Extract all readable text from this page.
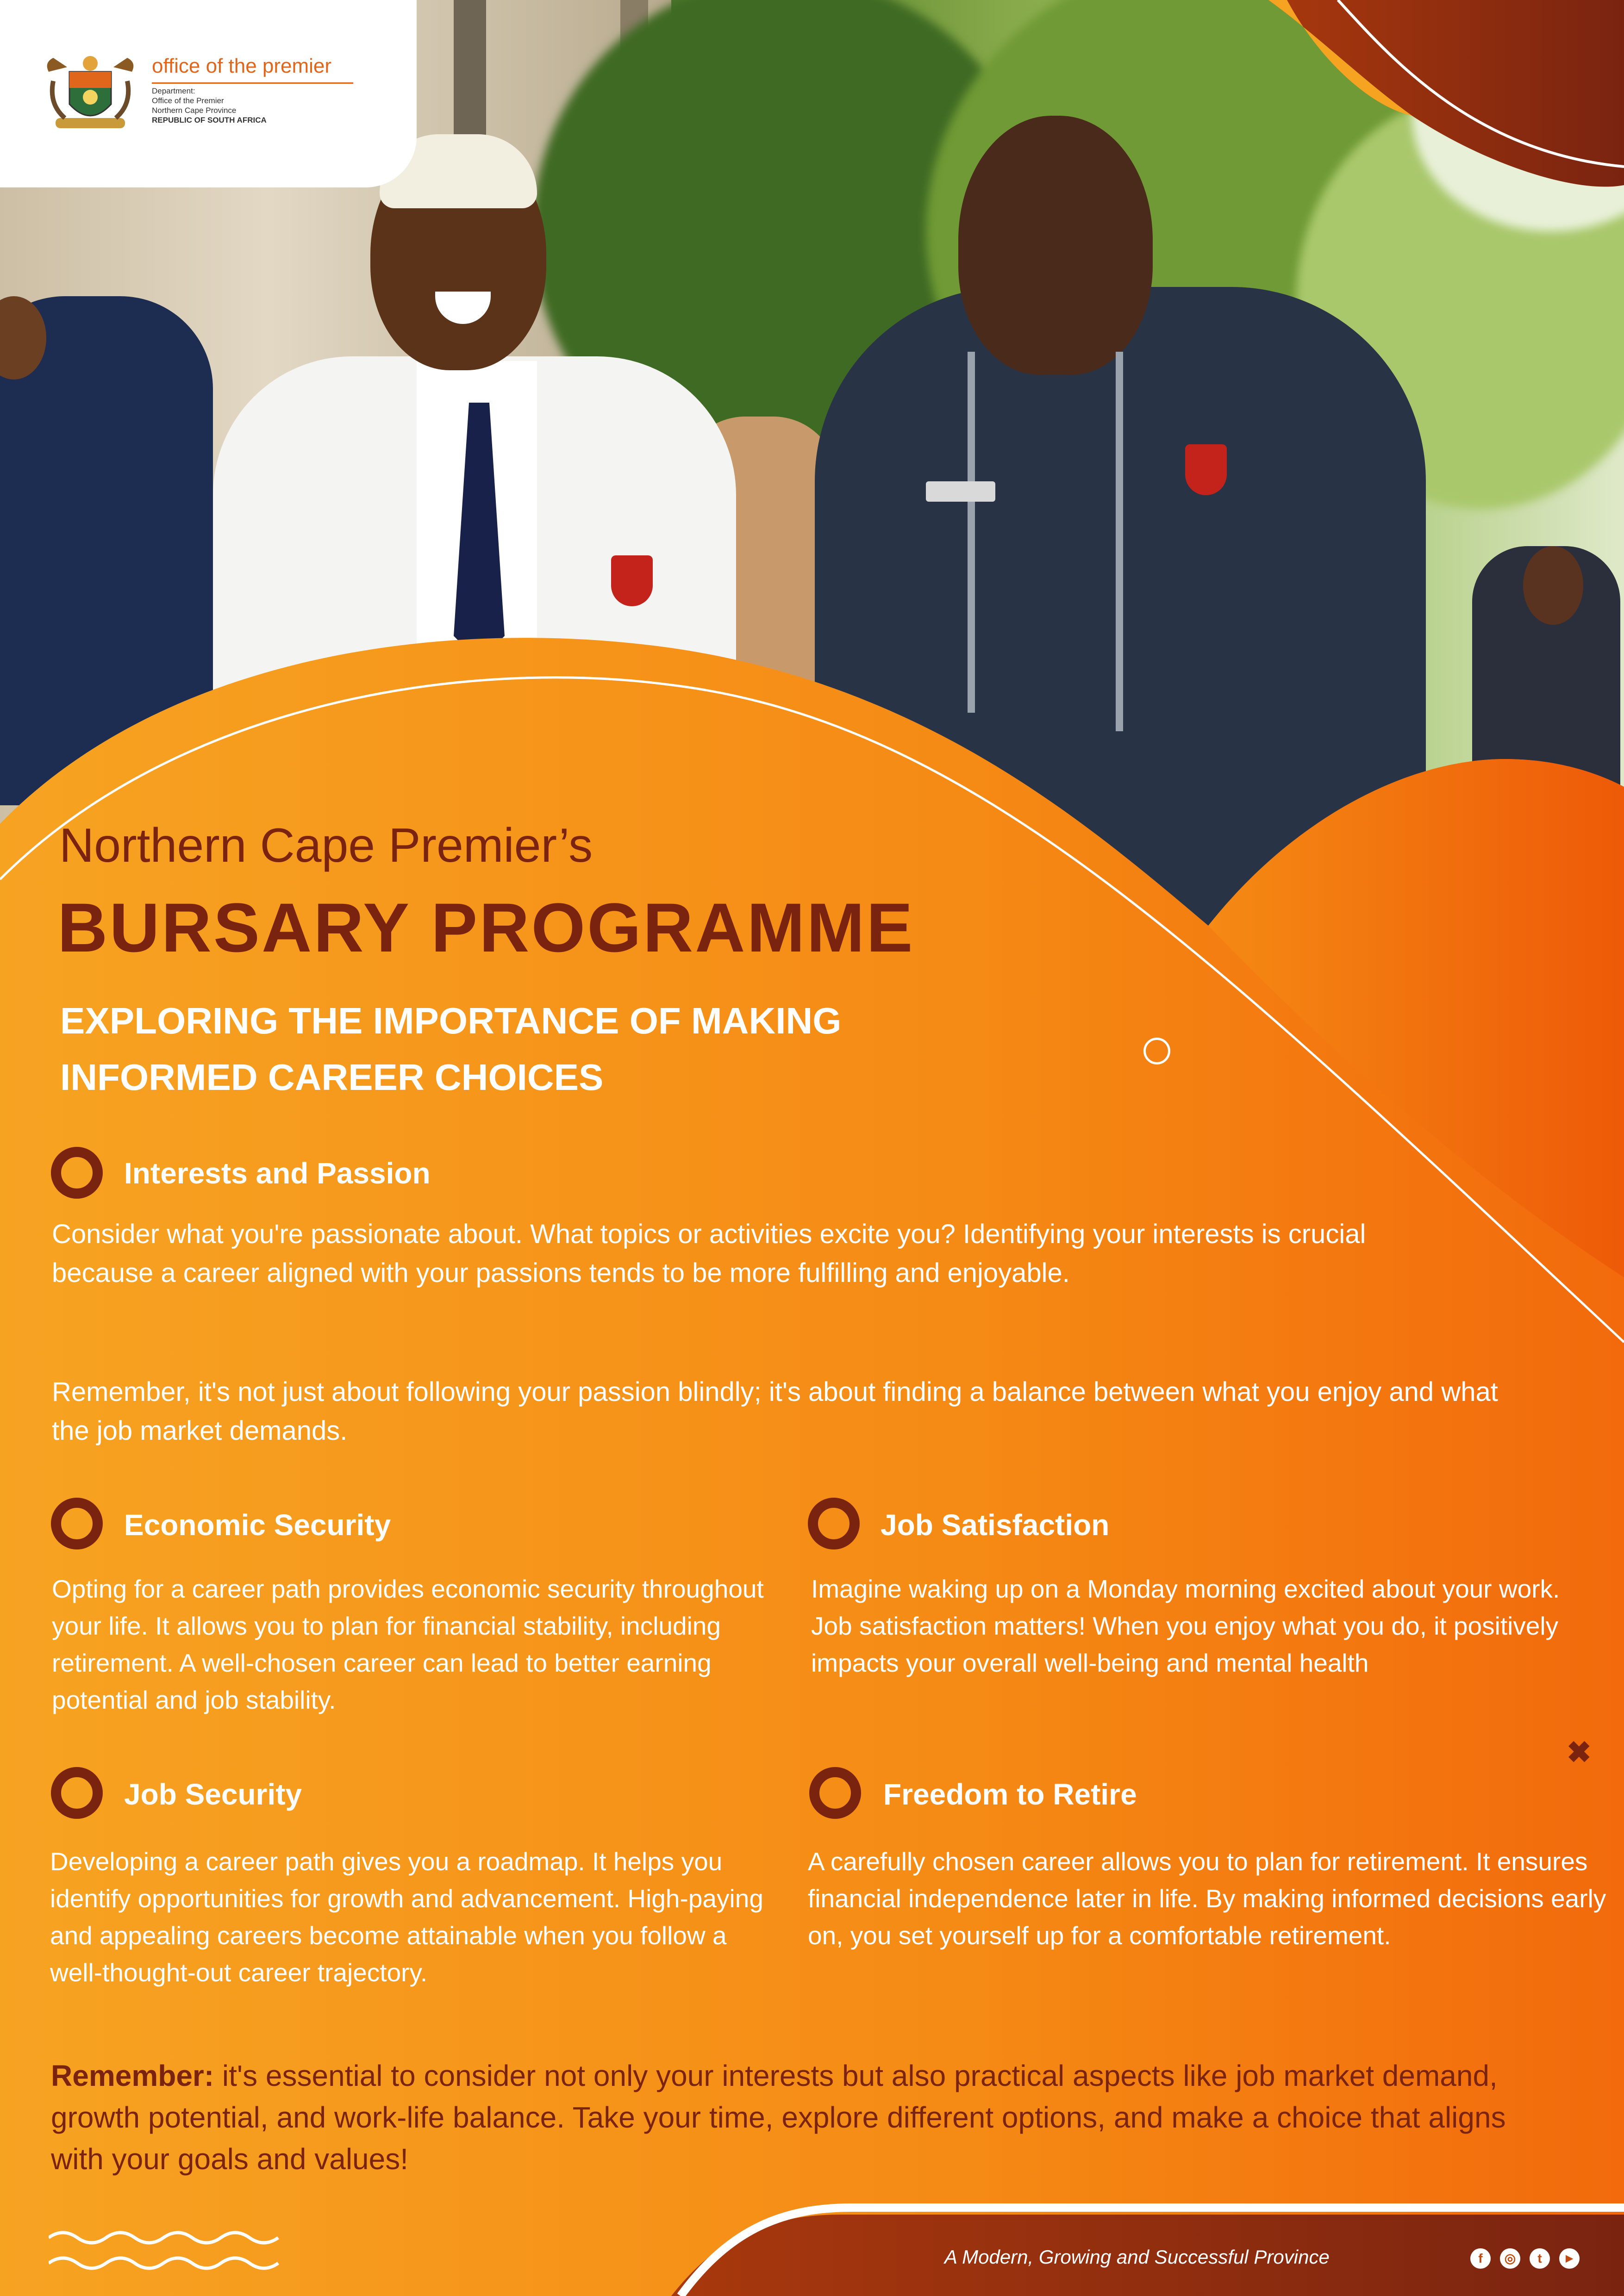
office of the premier
Department:
Office of the Premier
Northern Cape Province
REPUBLIC OF SOUTH AFRICA
Northern Cape Premier’s
BURSARY PROGRAMME
EXPLORING THE IMPORTANCE OF MAKING INFORMED CAREER CHOICES
✖
Interests and Passion
Consider what you're passionate about. What topics or activities excite you? Identifying your interests is crucial because a career aligned with your passions tends to be more fulfilling and enjoyable.
Remember, it's not just about following your passion blindly; it's about finding a balance between what you enjoy and what the job market demands.
Economic Security
Opting for a career path provides economic security throughout your life. It allows you to plan for financial stability, including retirement. A well-chosen career can lead to better earning potential and job stability.
Job Satisfaction
Imagine waking up on a Monday morning excited about your work. Job satisfaction matters! When you enjoy what you do, it positively impacts your overall well-being and mental health
Job Security
Developing a career path gives you a roadmap. It helps you identify opportunities for growth and advancement. High-paying and appealing careers become attainable when you follow a well-thought-out career trajectory.
Freedom to Retire
A carefully chosen career allows you to plan for retirement. It ensures financial independence later in life. By making informed decisions early on, you set yourself up for a comfortable retirement.
Remember: it's essential to consider not only your interests but also practical aspects like job market demand, growth potential, and work-life balance. Take your time, explore different options, and make a choice that aligns with your goals and values!
A Modern, Growing and Successful Province	f	◎	t	▶
